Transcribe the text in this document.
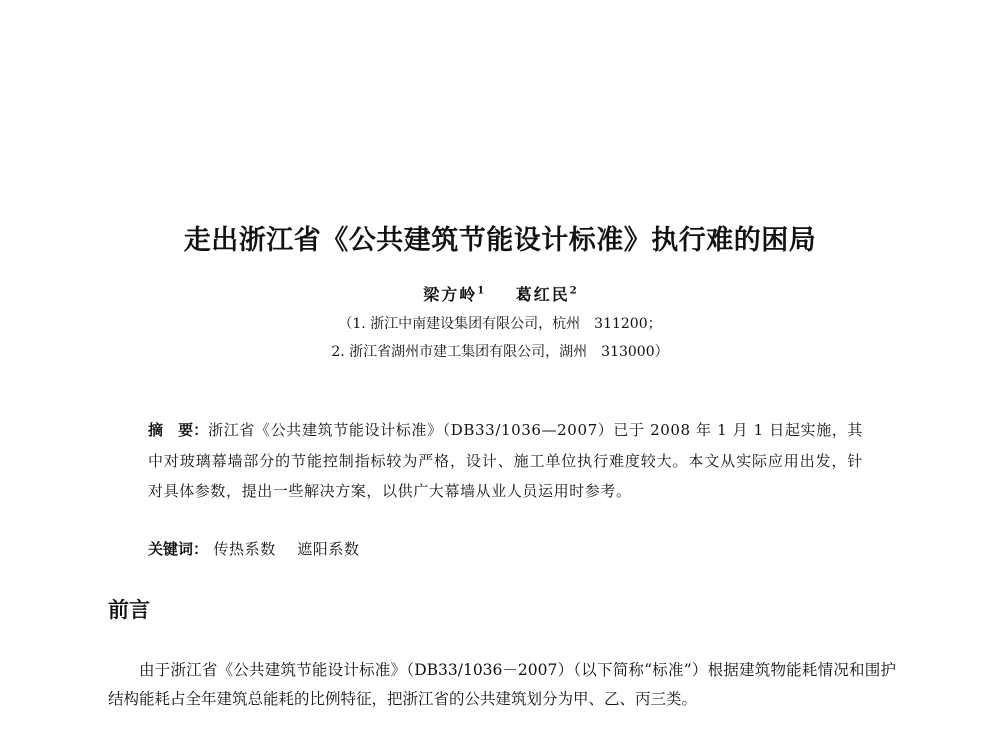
走出浙江省《公共建筑节能设计标准》执行难的困局
梁方岭$^1$ 葛红民$^2$
（1. 浙江中南建设集团有限公司，杭州　311200；
2. 浙江省湖州市建工集团有限公司，湖州　313000）

摘　要：浙江省《公共建筑节能设计标准》（DB33/1036—2007）已于 2008 年 1 月 1 日起实施，其中对玻璃幕墙部分的节能控制指标较为严格，设计、施工单位执行难度较大。本文从实际应用出发，针对具体参数，提出一些解决方案，以供广大幕墙从业人员运用时参考。

关键词： 传热系数 遮阳系数
前言

由于浙江省《公共建筑节能设计标准》（DB33/1036－2007）（以下简称“标准”）根据建筑物能耗情况和围护结构能耗占全年建筑总能耗的比例特征，把浙江省的公共建筑划分为甲、乙、丙三类。
